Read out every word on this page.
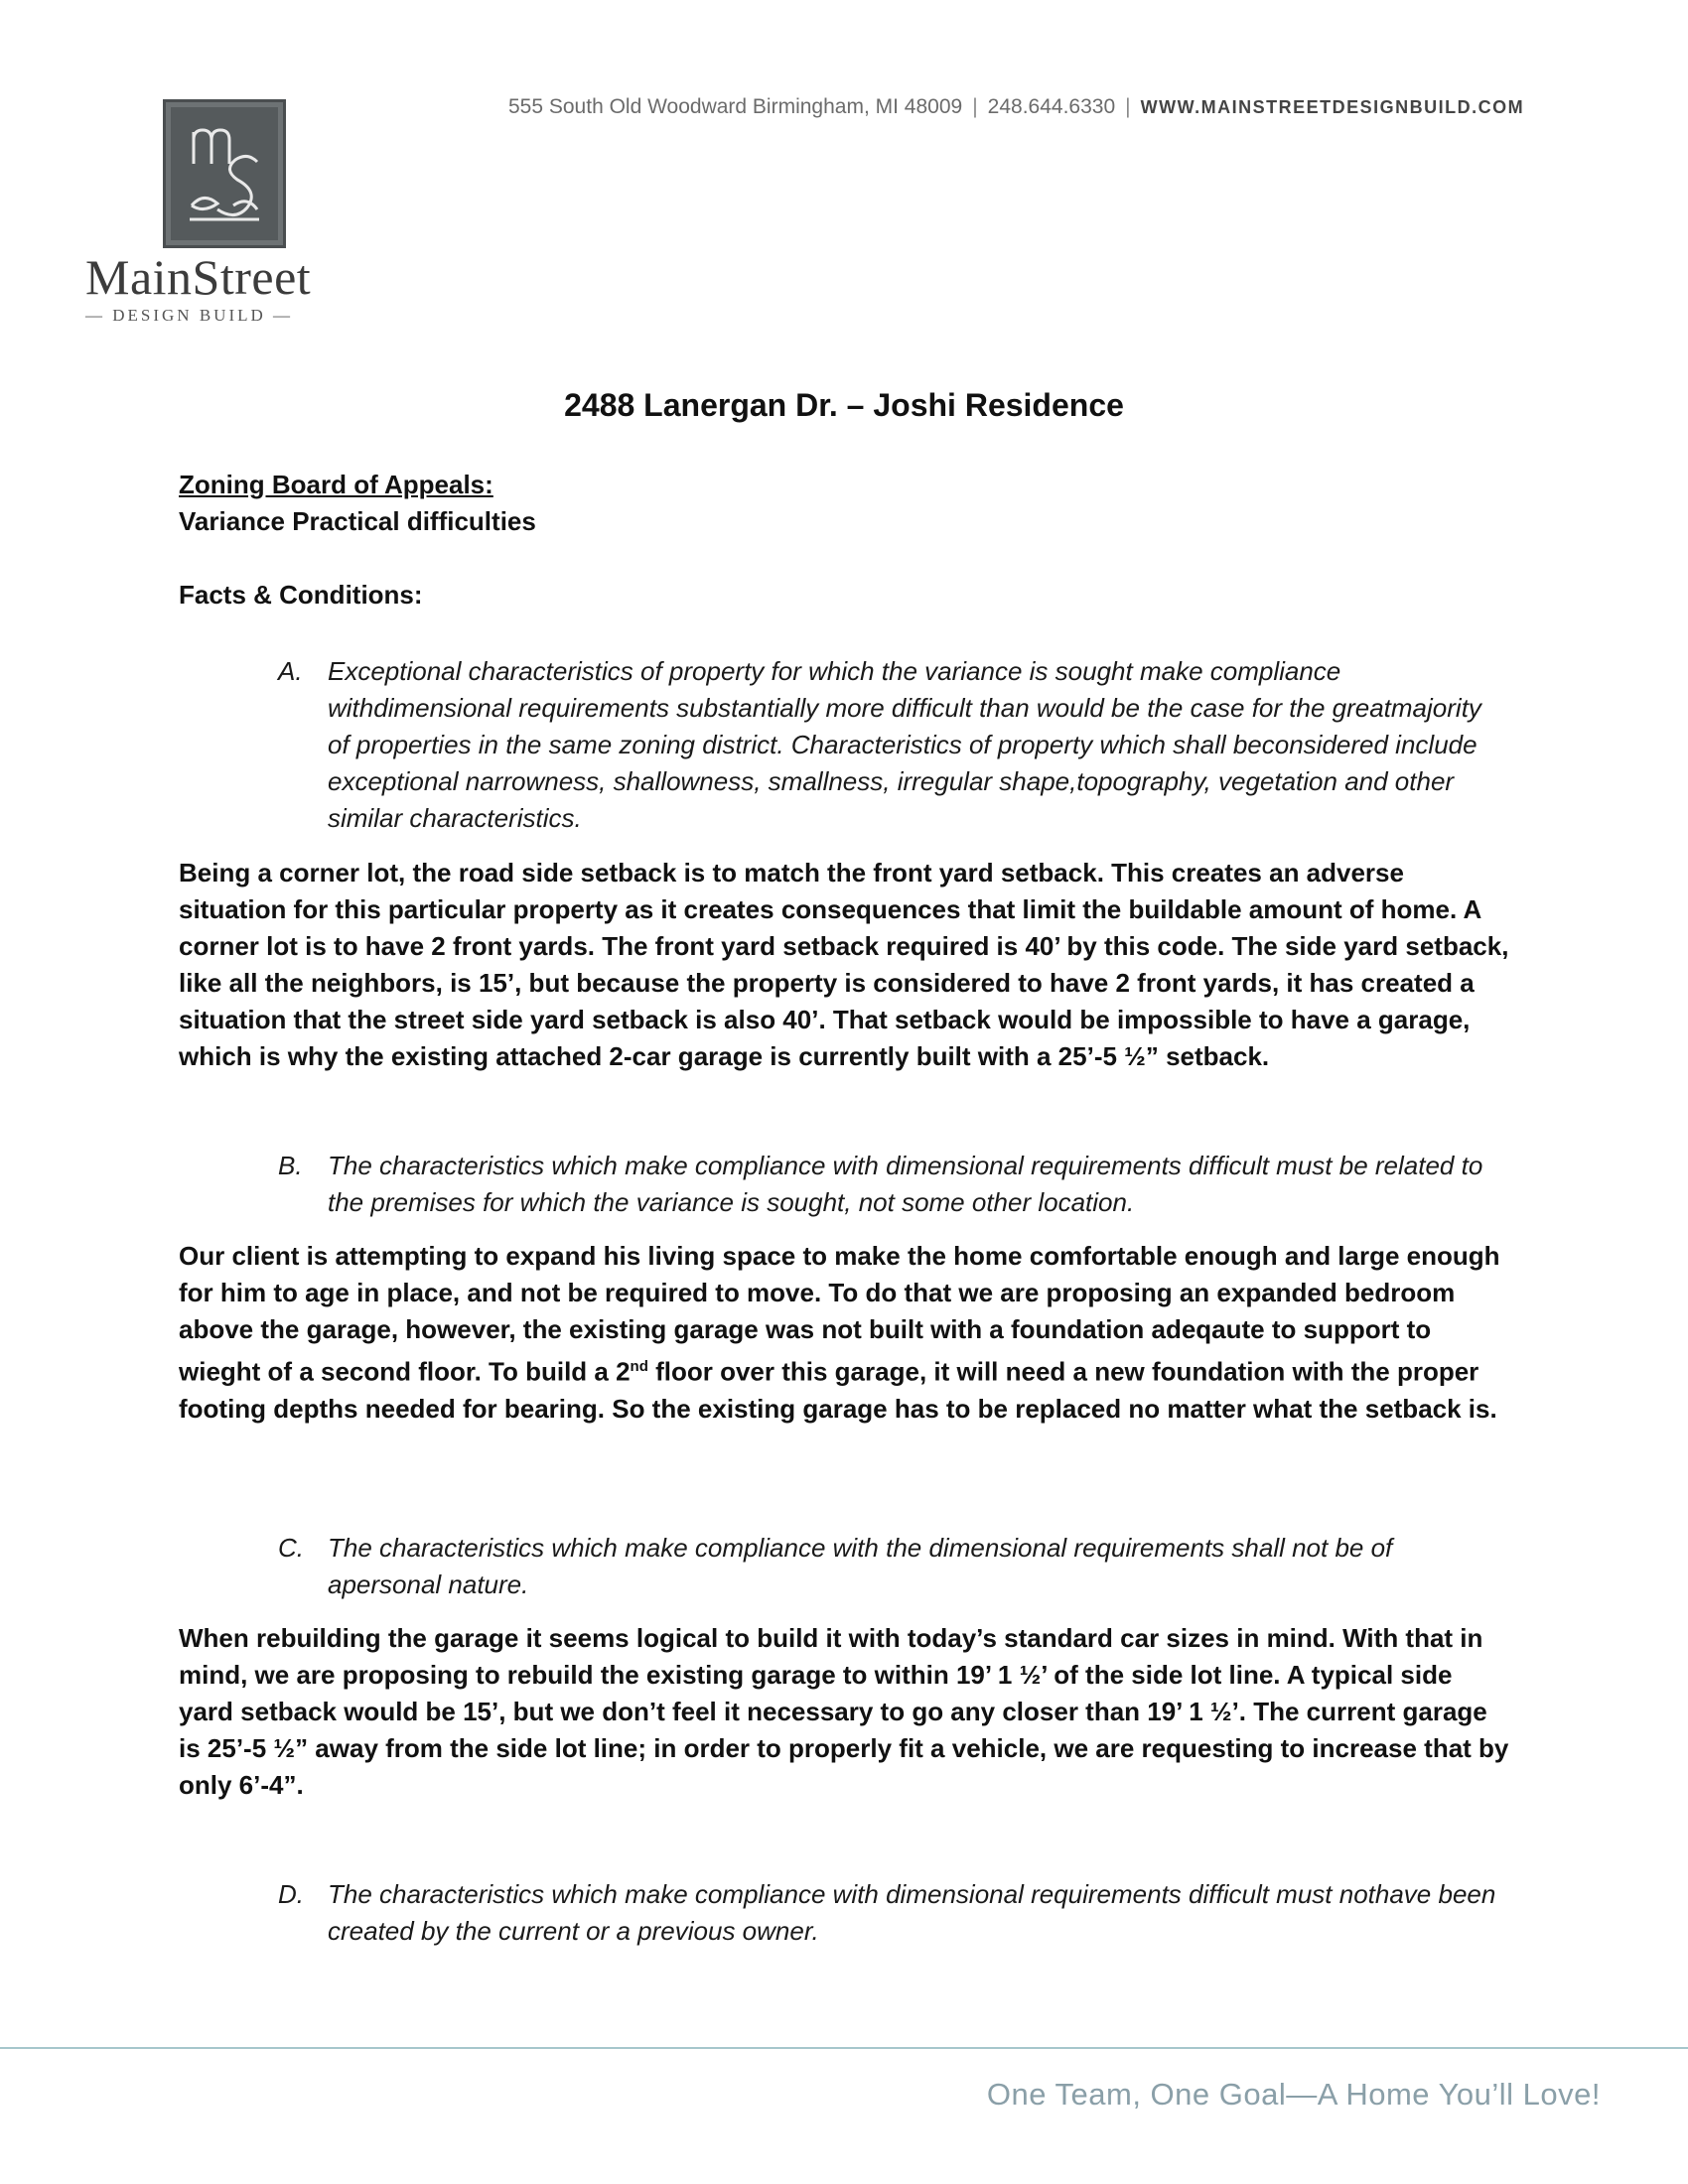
555 South Old Woodward Birmingham, MI 48009 | 248.644.6330 | WWW.MAINSTREETDESIGNBUILD.COM
MainStreet
— DESIGN BUILD —
2488 Lanergan Dr. – Joshi Residence
Zoning Board of Appeals:
Variance Practical difficulties
Facts & Conditions:
A. Exceptional characteristics of property for which the variance is sought make compliance withdimensional requirements substantially more difficult than would be the case for the greatmajority of properties in the same zoning district. Characteristics of property which shall beconsidered include exceptional narrowness, shallowness, smallness, irregular shape,topography, vegetation and other similar characteristics.
Being a corner lot, the road side setback is to match the front yard setback. This creates an adverse situation for this particular property as it creates consequences that limit the buildable amount of home. A corner lot is to have 2 front yards. The front yard setback required is 40’ by this code. The side yard setback, like all the neighbors, is 15’, but because the property is considered to have 2 front yards, it has created a situation that the street side yard setback is also 40’. That setback would be impossible to have a garage, which is why the existing attached 2-car garage is currently built with a 25’-5 ½” setback.
B. The characteristics which make compliance with dimensional requirements difficult must be related to the premises for which the variance is sought, not some other location.
Our client is attempting to expand his living space to make the home comfortable enough and large enough for him to age in place, and not be required to move. To do that we are proposing an expanded bedroom above the garage, however, the existing garage was not built with a foundation adeqaute to support to wieght of a second floor. To build a 2nd floor over this garage, it will need a new foundation with the proper footing depths needed for bearing. So the existing garage has to be replaced no matter what the setback is.
C. The characteristics which make compliance with the dimensional requirements shall not be of apersonal nature.
When rebuilding the garage it seems logical to build it with today’s standard car sizes in mind. With that in mind, we are proposing to rebuild the existing garage to within 19’ 1 ½’ of the side lot line. A typical side yard setback would be 15’, but we don’t feel it necessary to go any closer than 19’ 1 ½’. The current garage is 25’-5 ½” away from the side lot line; in order to properly fit a vehicle, we are requesting to increase that by only 6’-4”.
D. The characteristics which make compliance with dimensional requirements difficult must nothave been created by the current or a previous owner.
One Team, One Goal—A Home You’ll Love!
